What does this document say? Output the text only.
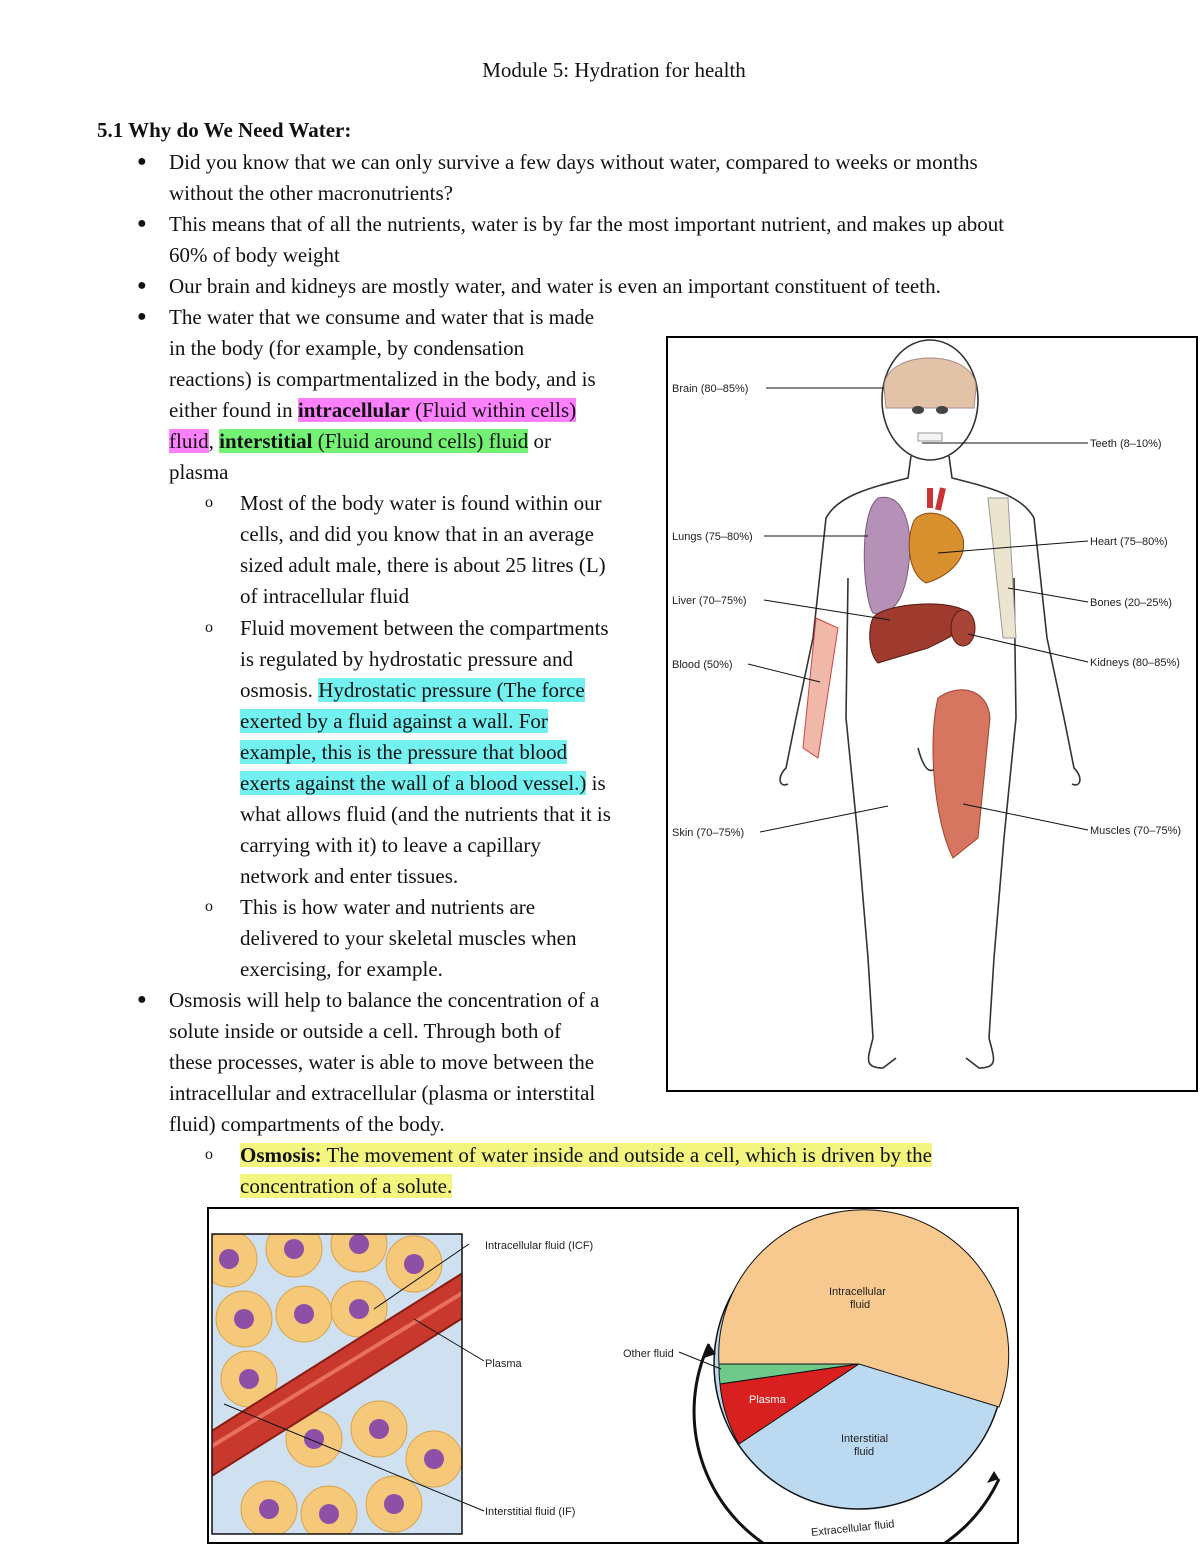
Module 5: Hydration for health
5.1 Why do We Need Water:
● Did you know that we can only survive a few days without water, compared to weeks or months
without the other macronutrients?
● This means that of all the nutrients, water is by far the most important nutrient, and makes up about
60% of body weight
● Our brain and kidneys are mostly water, and water is even an important constituent of teeth.
● The water that we consume and water that is made
in the body (for example, by condensation
reactions) is compartmentalized in the body, and is
either found in intracellular (Fluid within cells)
fluid, interstitial (Fluid around cells) fluid or
plasma
o Most of the body water is found within our
cells, and did you know that in an average
sized adult male, there is about 25 litres (L)
of intracellular fluid
o Fluid movement between the compartments
is regulated by hydrostatic pressure and
osmosis. Hydrostatic pressure (The force
exerted by a fluid against a wall. For
example, this is the pressure that blood
exerts against the wall of a blood vessel.) is
what allows fluid (and the nutrients that it is
carrying with it) to leave a capillary
network and enter tissues.
o This is how water and nutrients are
delivered to your skeletal muscles when
exercising, for example.
● Osmosis will help to balance the concentration of a
solute inside or outside a cell. Through both of
these processes, water is able to move between the
intracellular and extracellular (plasma or interstital
fluid) compartments of the body.
o Osmosis: The movement of water inside and outside a cell, which is driven by the
concentration of a solute.
Brain (80–85%)
Teeth (8–10%)
Lungs (75–80%)	Heart (75–80%)
Liver (70–75%)	Bones (20–25%)
Blood (50%)	Kidneys (80–85%)
Skin (70–75%)	Muscles (70–75%)
Intracellular fluid (ICF)
Plasma
Interstitial fluid (IF)
Intracellular
fluid
Other fluid
Plasma
Interstitial
fluid
Extracellular fluid
